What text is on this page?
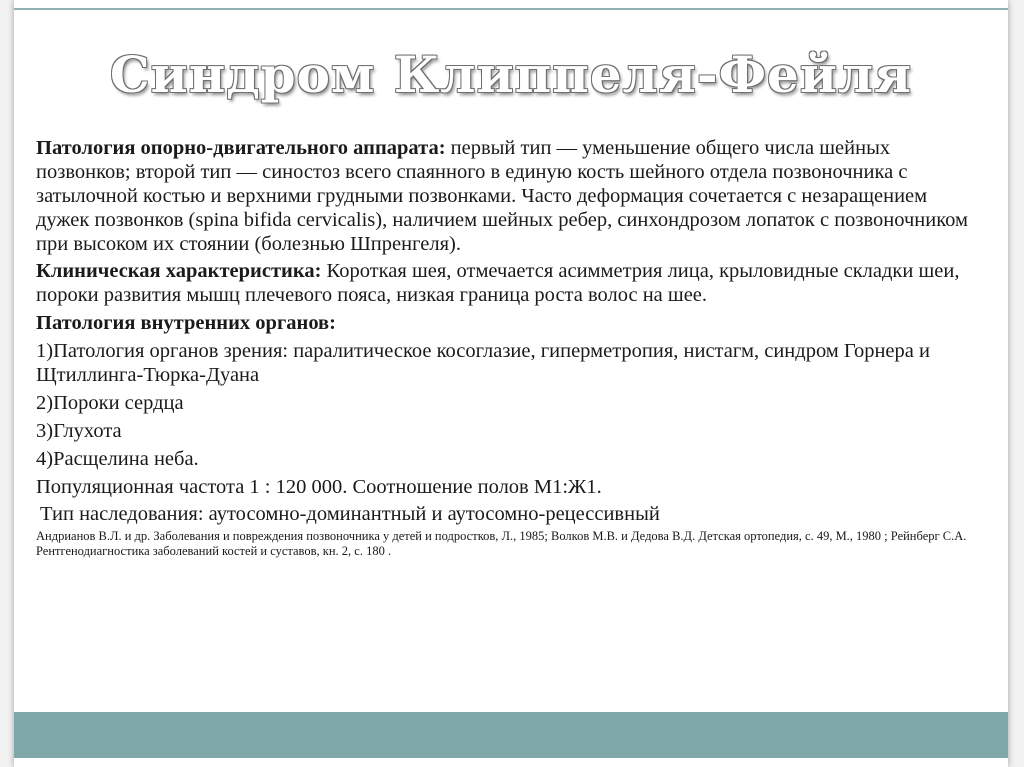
Синдром Клиппеля-Фейля

Патология опорно-двигательного аппарата: первый тип — уменьшение общего числа шейных позвонков; второй тип — синостоз всего спаянного в единую кость шейного отдела позвоночника с затылочной костью и верхними грудными позвонками. Часто деформация сочетается с незаращением дужек позвонков (spina bifida cervicalis), наличием шейных ребер, синхондрозом лопаток с позвоночником при высоком их стоянии (болезнью Шпренгеля).

Клиническая характеристика: Короткая шея, отмечается асимметрия лица, крыловидные складки шеи, пороки развития мышц плечевого пояса, низкая граница роста волос на шее.

Патология внутренних органов:

1)Патология органов зрения: паралитическое косоглазие, гиперметропия, нистагм, синдром Горнера и Щтиллинга-Тюрка-Дуана

2)Пороки сердца

3)Глухота

4)Расщелина неба.

Популяционная частота 1 : 120 000. Соотношение полов М1:Ж1.

Тип наследования: аутосомно-доминантный и аутосомно-рецессивный

Андрианов В.Л. и др. Заболевания и повреждения позвоночника у детей и подростков, Л., 1985; Волков М.В. и Дедова В.Д. Детская ортопедия, с. 49, М., 1980 ; Рейнберг С.А. Рентгенодиагностика заболеваний костей и суставов, кн. 2, с. 180 .
